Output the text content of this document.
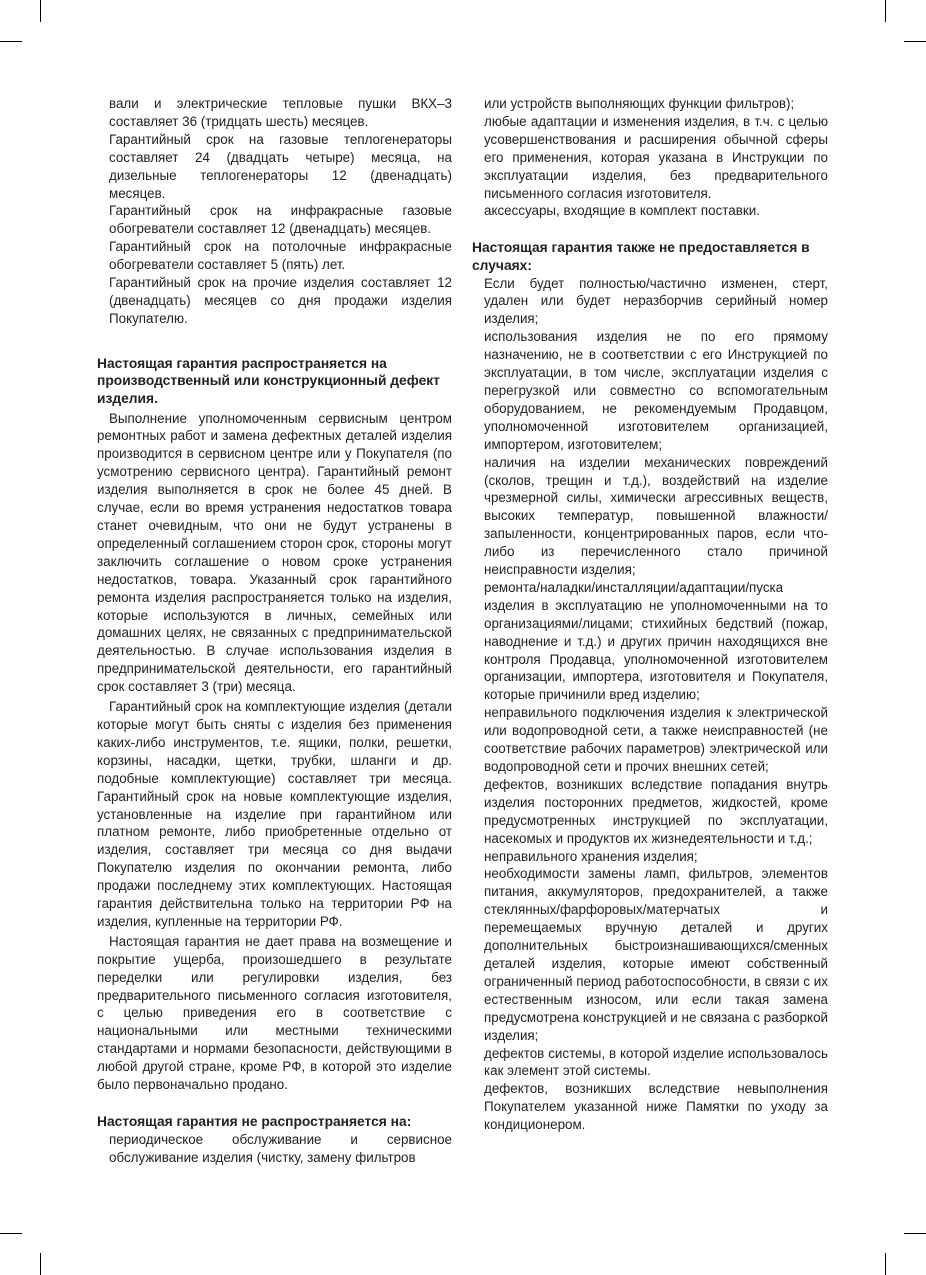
вали и электрические тепловые пушки ВКХ–3 составляет 36 (тридцать шесть) месяцев.

Гарантийный срок на газовые теплогенераторы составляет 24 (двадцать четыре) месяца, на дизельные теплогенераторы 12 (двенадцать) месяцев.

Гарантийный срок на инфракрасные газовые обогреватели составляет 12 (двенадцать) месяцев.

Гарантийный срок на потолочные инфракрасные обогреватели составляет 5 (пять) лет.

Гарантийный срок на прочие изделия составляет 12 (двенадцать) месяцев со дня продажи изделия Покупателю.

Настоящая гарантия распространяется на производственный или конструкционный дефект изделия.

Выполнение уполномоченным сервисным центром ремонтных работ и замена дефектных деталей изделия производится в сервисном центре или у Покупателя (по усмотрению сервисного центра). Гарантийный ремонт изделия выполняется в срок не более 45 дней. В случае, если во время устранения недостатков товара станет очевидным, что они не будут устранены в определенный соглашением сторон срок, стороны могут заключить соглашение о новом сроке устранения недостатков, товара. Указанный срок гарантийного ремонта изделия распространяется только на изделия, которые используются в личных, семейных или домашних целях, не связанных с предпринимательской деятельностью. В случае использования изделия в предпринимательской деятельности, его гарантийный срок составляет 3 (три) месяца.

Гарантийный срок на комплектующие изделия (детали которые могут быть сняты с изделия без применения каких-либо инструментов, т.е. ящики, полки, решетки, корзины, насадки, щетки, трубки, шланги и др. подобные комплектующие) составляет три месяца. Гарантийный срок на новые комплектующие изделия, установленные на изделие при гарантийном или платном ремонте, либо приобретенные отдельно от изделия, составляет три месяца со дня выдачи Покупателю изделия по окончании ремонта, либо продажи последнему этих комплектующих. Настоящая гарантия действительна только на территории РФ на изделия, купленные на территории РФ.

Настоящая гарантия не дает права на возмещение и покрытие ущерба, произошедшего в результате переделки или регулировки изделия, без предварительного письменного согласия изготовителя, с целью приведения его в соответствие с национальными или местными техническими стандартами и нормами безопасности, действующими в любой другой стране, кроме РФ, в которой это изделие было первоначально продано.

Настоящая гарантия не распространяется на:

периодическое обслуживание и сервисное обслуживание изделия (чистку, замену фильтров

или устройств выполняющих функции фильтров);

любые адаптации и изменения изделия, в т.ч. с целью усовершенствования и расширения обычной сферы его применения, которая указана в Инструкции по эксплуатации изделия, без предварительного письменного согласия изготовителя.

аксессуары, входящие в комплект поставки.

Настоящая гарантия также не предоставляется в случаях:

Если будет полностью/частично изменен, стерт, удален или будет неразборчив серийный номер изделия;

использования изделия не по его прямому назначению, не в соответствии с его Инструкцией по эксплуатации, в том числе, эксплуатации изделия с перегрузкой или совместно со вспомогательным оборудованием, не рекомендуемым Продавцом, уполномоченной изготовителем организацией, импортером, изготовителем;

наличия на изделии механических повреждений (сколов, трещин и т.д.), воздействий на изделие чрезмерной силы, химически агрессивных веществ, высоких температур, повышенной влажности/запыленности, концентрированных паров, если что-либо из перечисленного стало причиной неисправности изделия;

ремонта/наладки/инсталляции/адаптации/пуска изделия в эксплуатацию не уполномоченными на то организациями/лицами; стихийных бедствий (пожар, наводнение и т.д.) и других причин находящихся вне контроля Продавца, уполномоченной изготовителем организации, импортера, изготовителя и Покупателя, которые причинили вред изделию;

неправильного подключения изделия к электрической или водопроводной сети, а также неисправностей (не соответствие рабочих параметров) электрической или водопроводной сети и прочих внешних сетей;

дефектов, возникших вследствие попадания внутрь изделия посторонних предметов, жидкостей, кроме предусмотренных инструкцией по эксплуатации, насекомых и продуктов их жизнедеятельности и т.д.;

неправильного хранения изделия;

необходимости замены ламп, фильтров, элементов питания, аккумуляторов, предохранителей, а также стеклянных/фарфоровых/матерчатых и перемещаемых вручную деталей и других дополнительных быстроизнашивающихся/сменных деталей изделия, которые имеют собственный ограниченный период работоспособности, в связи с их естественным износом, или если такая замена предусмотрена конструкцией и не связана с разборкой изделия;

дефектов системы, в которой изделие использовалось как элемент этой системы.

дефектов, возникших вследствие невыполнения Покупателем указанной ниже Памятки по уходу за кондиционером.
